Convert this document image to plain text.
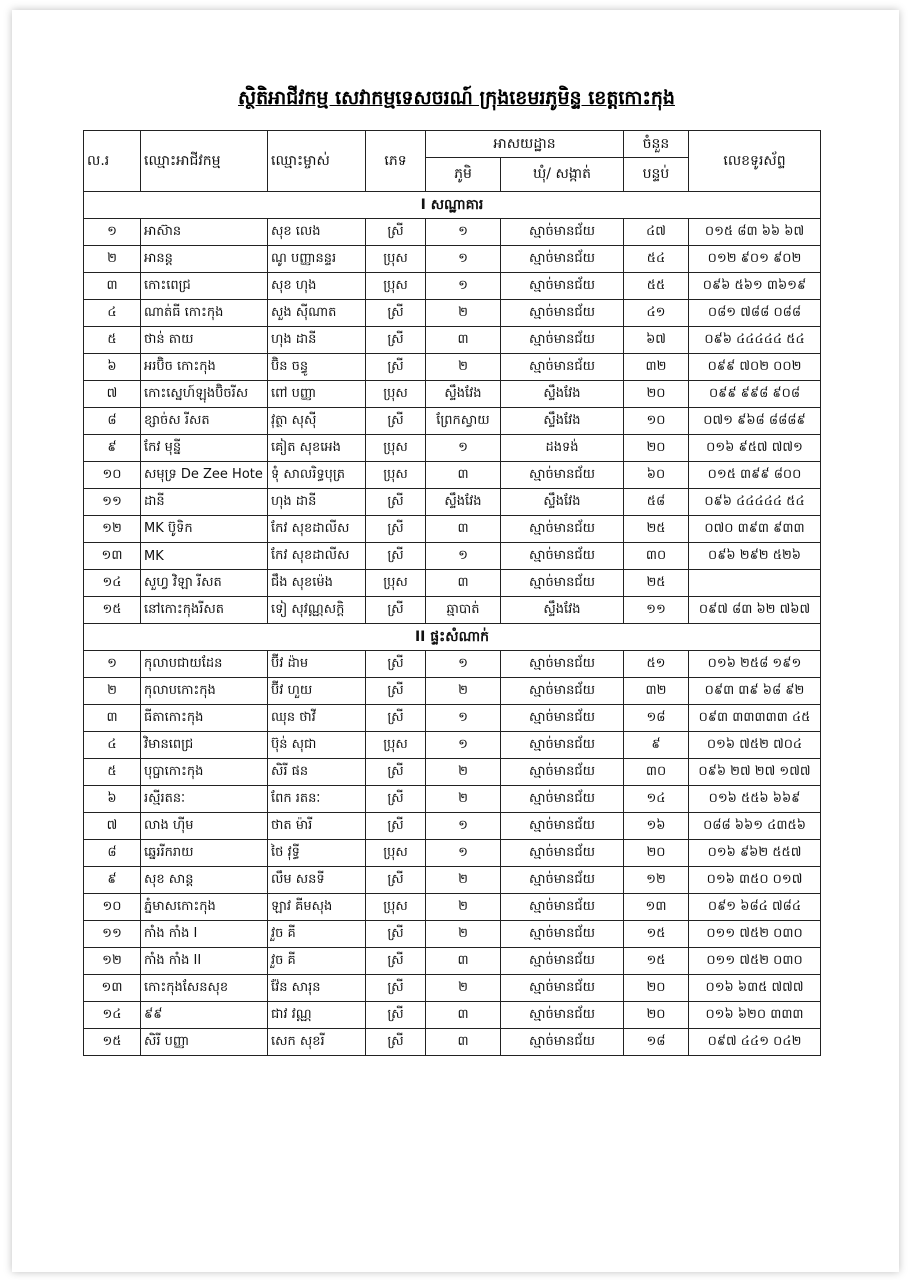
ស្ថិតិអាជីវកម្ម សេវាកម្មទេសចរណ៍ ក្រុងខេមរភូមិន្ទ ខេត្តកោះកុង
ល.រ	ឈ្មោះអាជីវកម្ម	ឈ្មោះម្ចាស់	ភេទ	អាសយដ្ឋាន		ចំនួន	លេខទូរស័ព្ទ
				ភូមិ	ឃុំ/ សង្កាត់	បន្ទប់	
I សណ្ឋាគារ							
១	អាស៊ាន	សុខ លេង	ស្រី	១	ស្មាច់មានជ័យ	៤៧	០១៥ ៨៣ ៦៦ ៦៧
២	អានន្ត	ណូ បញ្ញានន្ទរ	ប្រុស	១	ស្មាច់មានជ័យ	៥៤	០១២ ៩០១ ៩០២
៣	កោះពេជ្រ	សុខ ហុង	ប្រុស	១	ស្មាច់មានជ័យ	៥៥	០៩៦ ៥៦១ ៣៦១៩
៤	ណាត់ធី កោះកុង	សួង ស៊ីណាត	ស្រី	២	ស្មាច់មានជ័យ	៤១	០៨១ ៧៨៨ ០៨៨
៥	ថាន់ តាយ	ហុង ដានី	ស្រី	៣	ស្មាច់មានជ័យ	៦៧	០៩៦ ៤៤៤៤៤ ៥៤
៦	អរប៊ិច កោះកុង	ប៊ិន ចន្ធូ	ស្រី	២	ស្មាច់មានជ័យ	៣២	០៩៩ ៧០២ ០០២
៧	កោះស្នេហ៍ឡុងប៊ិចរីស	ពៅ បញ្ញា	ប្រុស	ស្ទឹងវែង	ស្ទឹងវែង	២០	០៩៩ ៩៩៨ ៩០៨
៨	ខ្សាច់ស រីសត	វុត្ថា សុស៊ី	ស្រី	ព្រែកស្វាយ	ស្ទឹងវែង	១០	០៧១ ៩៦៨ ៨៨៨៩
៩	កែវ មុន្នី	គៀត សុខអេង	ប្រុស	១	ដងទង់	២០	០១៦ ៩៥៧ ៧៧១
១០	សមុទ្រ De Zee Hote	ទុំ សាលរិទ្ធបុត្រ	ប្រុស	៣	ស្មាច់មានជ័យ	៦០	០១៥ ៣៩៩ ៨០០
១១	ដានី	ហុង ដានី	ស្រី	ស្ទឹងវែង	ស្ទឹងវែង	៥៨	០៩៦ ៤៤៤៤៤ ៥៤
១២	MK ប៊ូទិក	កែវ សុខដាលីស	ស្រី	៣	ស្មាច់មានជ័យ	២៥	០៧០ ៣៩៣ ៩៣៣
១៣	MK	កែវ សុខដាលីស	ស្រី	១	ស្មាច់មានជ័យ	៣០	០៩៦ ២៩២ ៥២៦
១៤	សួហ្វ វិឡា រីសត	ជឹង សុខម៉េង	ប្រុស	៣	ស្មាច់មានជ័យ	២៥	
១៥	នៅកោះកុងរីសត	ទៀ សុវណ្ណសក្តិ	ស្រី	ឆ្មាបាត់	ស្ទឹងវែង	១១	០៩៧ ៨៣ ៦២ ៧៦៧
II ផ្ទះសំណាក់							
១	កុលាបជាយដែន	ប៊ីវ ដ៉ាម	ស្រី	១	ស្មាច់មានជ័យ	៥១	០១៦ ២៥៨ ១៩១
២	កុលាបកោះកុង	ប៊ីវ ហួយ	ស្រី	២	ស្មាច់មានជ័យ	៣២	០៩៣ ៣៩ ៦៨ ៩២
៣	ធីតាកោះកុង	ឈុន ថាវី	ស្រី	១	ស្មាច់មានជ័យ	១៨	០៩៣ ៣៣៣៣៣ ៤៥
៤	វិមានពេជ្រ	ប៊ុន់ សុជា	ប្រុស	១	ស្មាច់មានជ័យ	៩	០១៦ ៧៥២ ៧០៤
៥	បុប្ផាកោះកុង	សិរី ផន	ស្រី	២	ស្មាច់មានជ័យ	៣០	០៩៦ ២៧ ២៧ ១៧៧
៦	រស្មីរតនៈ	ពែក រតនៈ	ស្រី	២	ស្មាច់មានជ័យ	១៤	០១៦ ៥៥៦ ៦៦៩
៧	លាង ហ៊ីម	ថាត ម៉ារី	ស្រី	១	ស្មាច់មានជ័យ	១៦	០៨៨ ៦៦១ ៤៣៥៦
៨	ឆ្នេររីករាយ	ថៃ វុទ្ធី	ប្រុស	១	ស្មាច់មានជ័យ	២០	០១៦ ៩៦២ ៥៥៧
៩	សុខ សាន្ត	លឹម សនទី	ស្រី	២	ស្មាច់មានជ័យ	១២	០១៦ ៣៥០ ០១៧
១០	ភ្នំមាសកោះកុង	ឡាវ គីមសុង	ប្រុស	២	ស្មាច់មានជ័យ	១៣	០៩១ ៦៨៤ ៧៨៤
១១	កាំង កាំង I	វួច គី	ស្រី	២	ស្មាច់មានជ័យ	១៥	០១១ ៧៥២ ០៣០
១២	កាំង កាំង II	វួច គី	ស្រី	៣	ស្មាច់មានជ័យ	១៥	០១១ ៧៥២ ០៣០
១៣	កោះកុងសែនសុខ	វ៉ែន សារុន	ស្រី	២	ស្មាច់មានជ័យ	២០	០១៦ ៦៣៥ ៧៧៧
១៤	៩៩	ជាវ វណ្ណ	ស្រី	៣	ស្មាច់មានជ័យ	២០	០១៦ ៦២០ ៣៣៣
១៥	សិរី បញ្ញា	សេក សុខរី	ស្រី	៣	ស្មាច់មានជ័យ	១៨	០៩៧ ៤៤១ ០៤២
